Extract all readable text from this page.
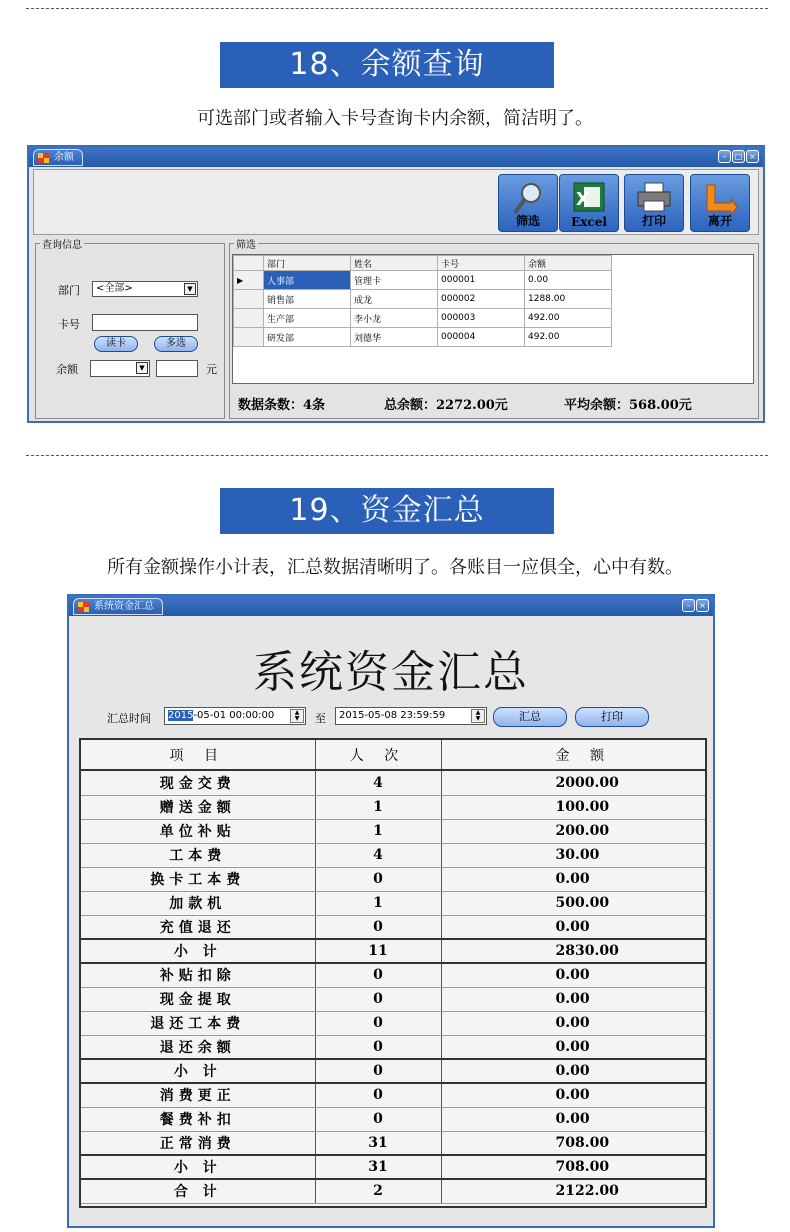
18、余额查询
可选部门或者输入卡号查询卡内余额，简洁明了。
余额	–	□ ×
筛选
X
Excel	打印	离开
查询信息
部门	<全部>	▼
卡号
读卡	多选
余额	▼	元
筛选
	部门	姓名	卡号	余额
▶	人事部	管理卡	000001	0.00
	销售部	成龙	000002	1288.00
	生产部	李小龙	000003	492.00
	研发部	刘德华	000004	492.00
数据条数：4条	总余额：2272.00元	平均余额：568.00元
19、资金汇总
所有金额操作小计表，汇总数据清晰明了。各账目一应俱全，心中有数。
系统资金汇总	–	×
系统资金汇总
汇总时间	2015-05-01 00:00:00	▲
▼	至	2015-05-08 23:59:59	▲
▼	汇总	打印
项 目	人 次	金 额
现金交费	4	2000.00
赠送金额	1	100.00
单位补贴	1	200.00
工本费	4	30.00
换卡工本费	0	0.00
加款机	1	500.00
充值退还	0	0.00
小 计	11	2830.00
补贴扣除	0	0.00
现金提取	0	0.00
退还工本费	0	0.00
退还余额	0	0.00
小 计	0	0.00
消费更正	0	0.00
餐费补扣	0	0.00
正常消费	31	708.00
小 计	31	708.00
合 计	2	2122.00
